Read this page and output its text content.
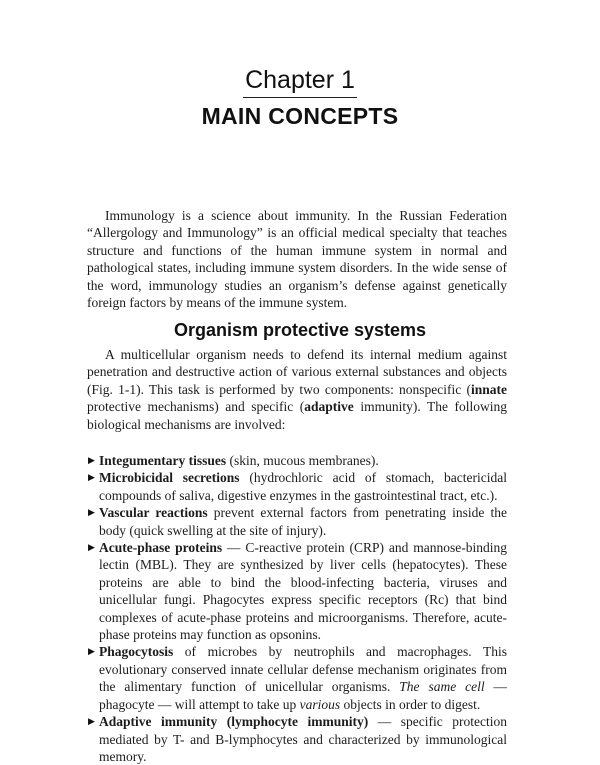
Chapter 1
MAIN CONCEPTS

Immunology is a science about immunity. In the Russian Federation “Allergology and Immunology” is an official medical specialty that teaches structure and functions of the human immune system in normal and pathological states, including immune system disorders. In the wide sense of the word, immunology studies an organism’s defense against genetically foreign factors by means of the immune system.

Organism protective systems

A multicellular organism needs to defend its internal medium against penetration and destructive action of various external substances and objects (Fig. 1-1). This task is performed by two components: nonspecific (innate protective mechanisms) and specific (adaptive immunity). The following biological mechanisms are involved:

▶ Integumentary tissues (skin, mucous membranes).
▶ Microbicidal secretions (hydrochloric acid of stomach, bactericidal compounds of saliva, digestive enzymes in the gastrointestinal tract, etc.).
▶ Vascular reactions prevent external factors from penetrating inside the body (quick swelling at the site of injury).
▶ Acute-phase proteins — C-reactive protein (CRP) and mannose-binding lectin (MBL). They are synthesized by liver cells (hepatocytes). These proteins are able to bind the blood-infecting bacteria, viruses and unicellular fungi. Phagocytes express specific receptors (Rc) that bind complexes of acute-phase proteins and microorganisms. Therefore, acute-phase proteins may function as opsonins.
▶ Phagocytosis of microbes by neutrophils and macrophages. This evolutionary conserved innate cellular defense mechanism originates from the alimentary function of unicellular organisms. The same cell — phagocyte — will attempt to take up various objects in order to digest.
▶ Adaptive immunity (lymphocyte immunity) — specific protection mediated by T- and B-lymphocytes and characterized by immunological memory.
